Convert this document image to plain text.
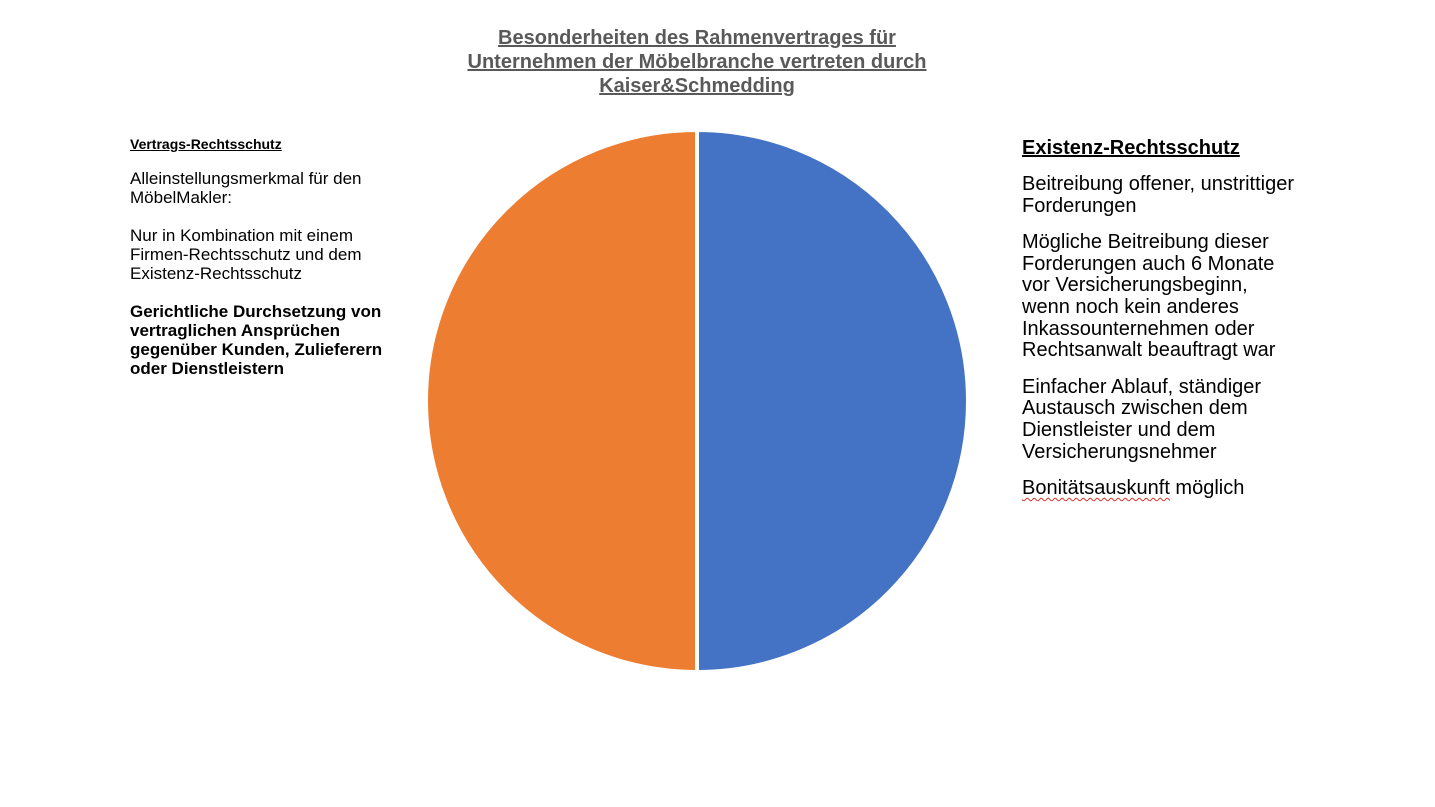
Besonderheiten des Rahmenvertrages für
Unternehmen der Möbelbranche vertreten durch
Kaiser&Schmedding
Vertrags-Rechtsschutz

Alleinstellungsmerkmal für den
MöbelMakler:

Nur in Kombination mit einem
Firmen-Rechtsschutz und dem
Existenz-Rechtsschutz

Gerichtliche Durchsetzung von
vertraglichen Ansprüchen
gegenüber Kunden, Zulieferern
oder Dienstleistern

Existenz-Rechtsschutz

Beitreibung offener, unstrittiger
Forderungen

Mögliche Beitreibung dieser
Forderungen auch 6 Monate
vor Versicherungsbeginn,
wenn noch kein anderes
Inkassounternehmen oder
Rechtsanwalt beauftragt war

Einfacher Ablauf, ständiger
Austausch zwischen dem
Dienstleister und dem
Versicherungsnehmer

Bonitätsauskunft möglich
